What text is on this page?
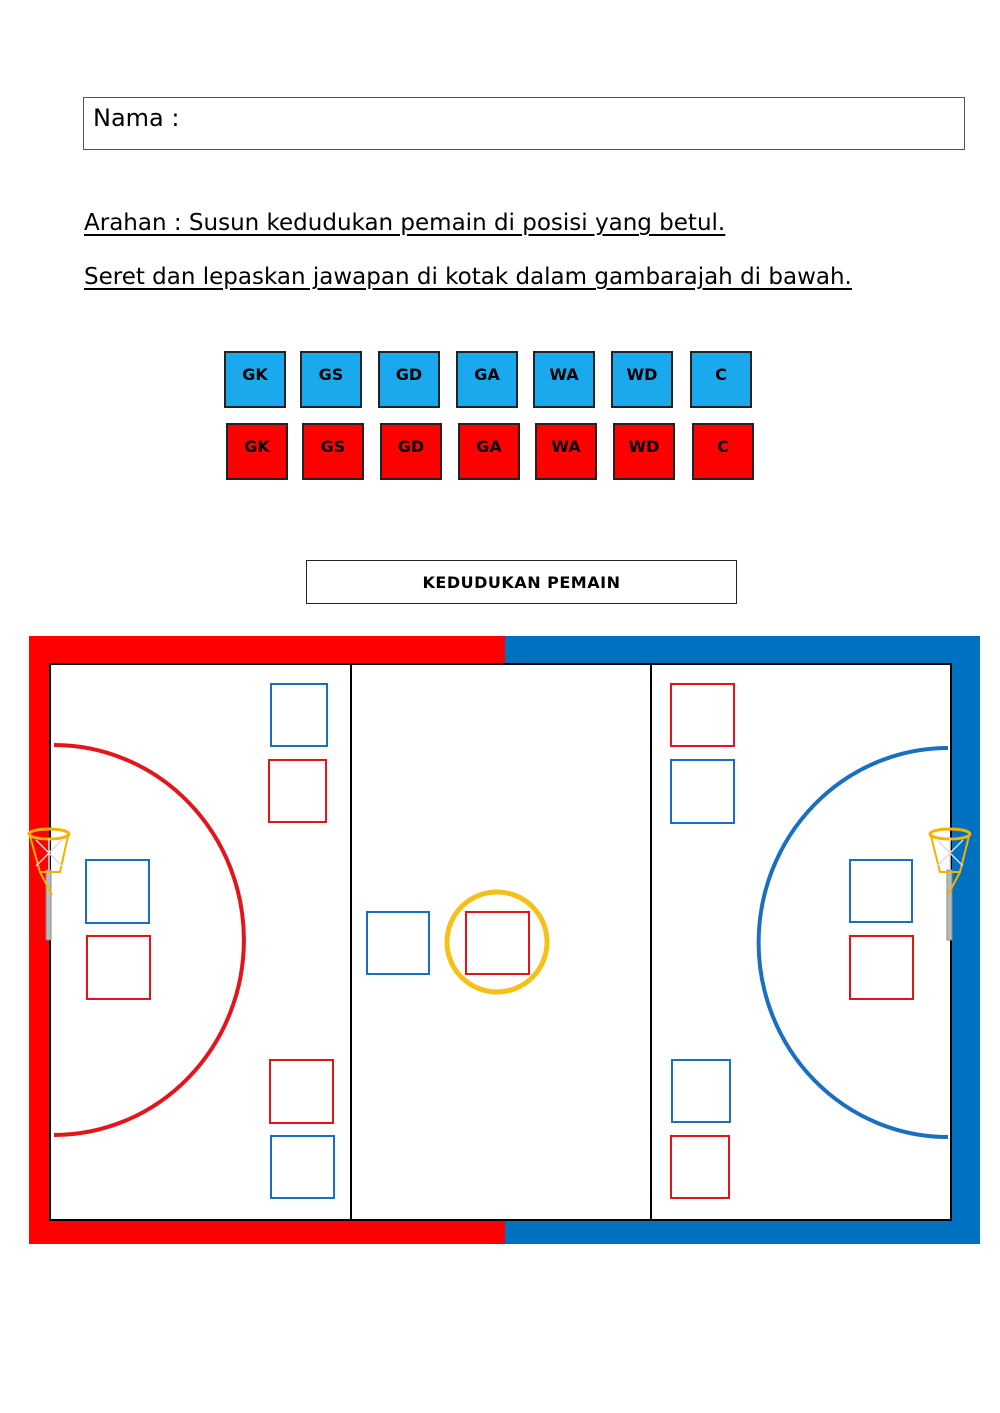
Nama :
Arahan : Susun kedudukan pemain di posisi yang betul.
Seret dan lepaskan jawapan di kotak dalam gambarajah di bawah.
GK	GS	GD	GA	WA	WD	C
GK	GS	GD	GA	WA	WD	C
KEDUDUKAN PEMAIN
